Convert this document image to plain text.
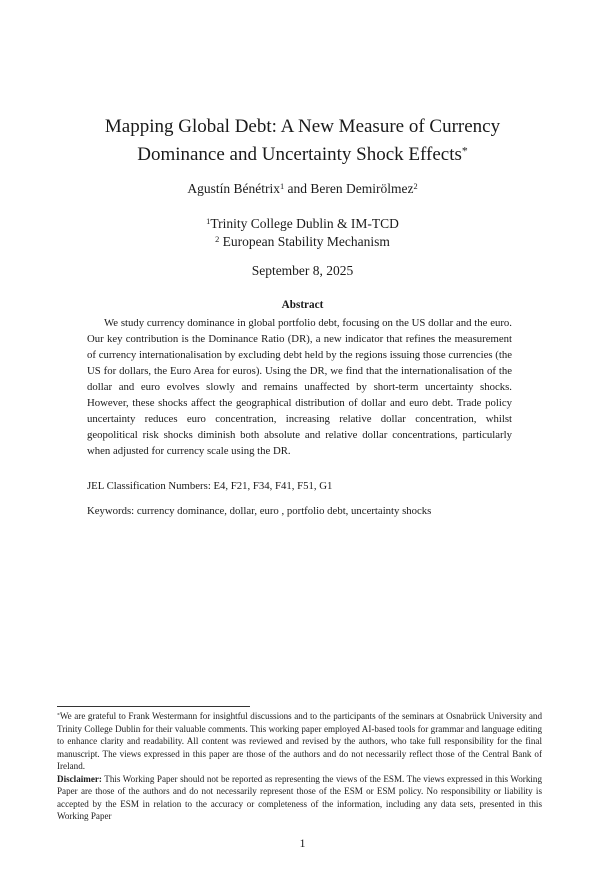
Mapping Global Debt: A New Measure of Currency
Dominance and Uncertainty Shock Effects*
Agustín Bénétrix$^1$ and Beren Demirölmez$^2$
$^1$Trinity College Dublin & IM-TCD
$^2$ European Stability Mechanism
September 8, 2025
Abstract
We study currency dominance in global portfolio debt, focusing on the US dollar and the euro. Our key contribution is the Dominance Ratio (DR), a new indicator that refines the measurement of currency internationalisation by excluding debt held by the regions issuing those currencies (the US for dollars, the Euro Area for euros). Using the DR, we find that the internationalisation of the dollar and euro evolves slowly and remains unaffected by short-term uncertainty shocks. However, these shocks affect the geographical distribution of dollar and euro debt. Trade policy uncertainty reduces euro concentration, increasing relative dollar concentration, whilst geopolitical risk shocks diminish both absolute and relative dollar concentrations, particularly when adjusted for currency scale using the DR.
JEL Classification Numbers: E4, F21, F34, F41, F51, G1
Keywords: currency dominance, dollar, euro , portfolio debt, uncertainty shocks

*We are grateful to Frank Westermann for insightful discussions and to the participants of the seminars at Osnabrück University and Trinity College Dublin for their valuable comments. This working paper employed AI-based tools for grammar and language editing to enhance clarity and readability. All content was reviewed and revised by the authors, who take full responsibility for the final manuscript. The views expressed in this paper are those of the authors and do not necessarily reflect those of the Central Bank of Ireland.

Disclaimer: This Working Paper should not be reported as representing the views of the ESM. The views expressed in this Working Paper are those of the authors and do not necessarily represent those of the ESM or ESM policy. No responsibility or liability is accepted by the ESM in relation to the accuracy or completeness of the information, including any data sets, presented in this Working Paper

1
